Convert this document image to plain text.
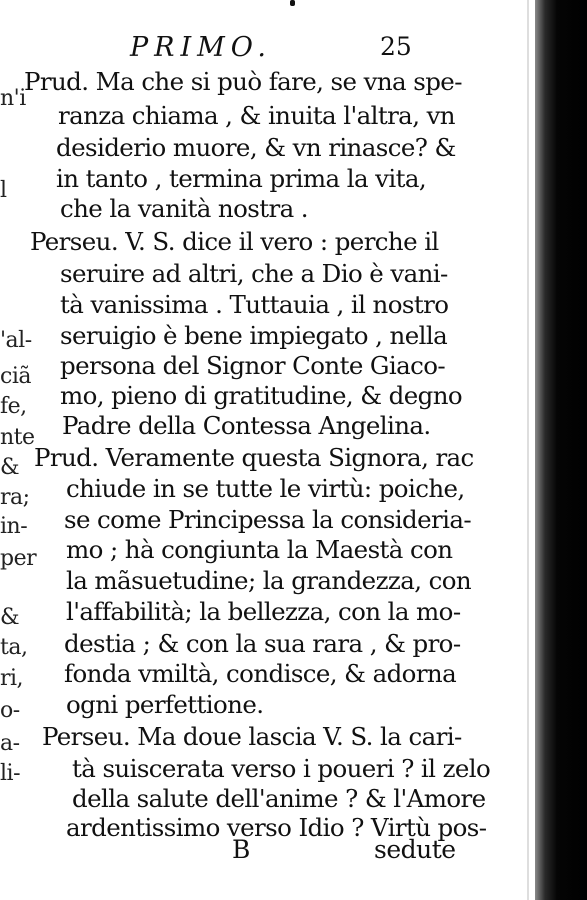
n'i

l

'al-

ciã

fe,

nte

&

ra;

in-

per

&

ta,

ri,

o-

a-

li-

PRIMO.	25

Prud. Ma che si può fare, se vna spe-

ranza chiama , & inuita l'altra, vn

desiderio muore, & vn rinasce? &

in tanto , termina prima la vita,

che la vanità nostra .

Perseu. V. S. dice il vero : perche il

seruire ad altri, che a Dio è vani-

tà vanissima . Tuttauia , il nostro

seruigio è bene impiegato , nella

persona del Signor Conte Giaco-

mo, pieno di gratitudine, & degno

Padre della Contessa Angelina.

Prud. Veramente questa Signora, rac

chiude in se tutte le virtù: poiche,

se come Principessa la consideria-

mo ; hà congiunta la Maestà con

la mãsuetudine; la grandezza, con

l'affabilità; la bellezza, con la mo-

destia ; & con la sua rara , & pro-

fonda vmiltà, condisce, & adorna

ogni perfettione.

Perseu. Ma doue lascia V. S. la cari-

tà suiscerata verso i poueri ? il zelo

della salute dell'anime ? & l'Amore

ardentissimo verso Idio ? Virtù pos-

B	sedute
